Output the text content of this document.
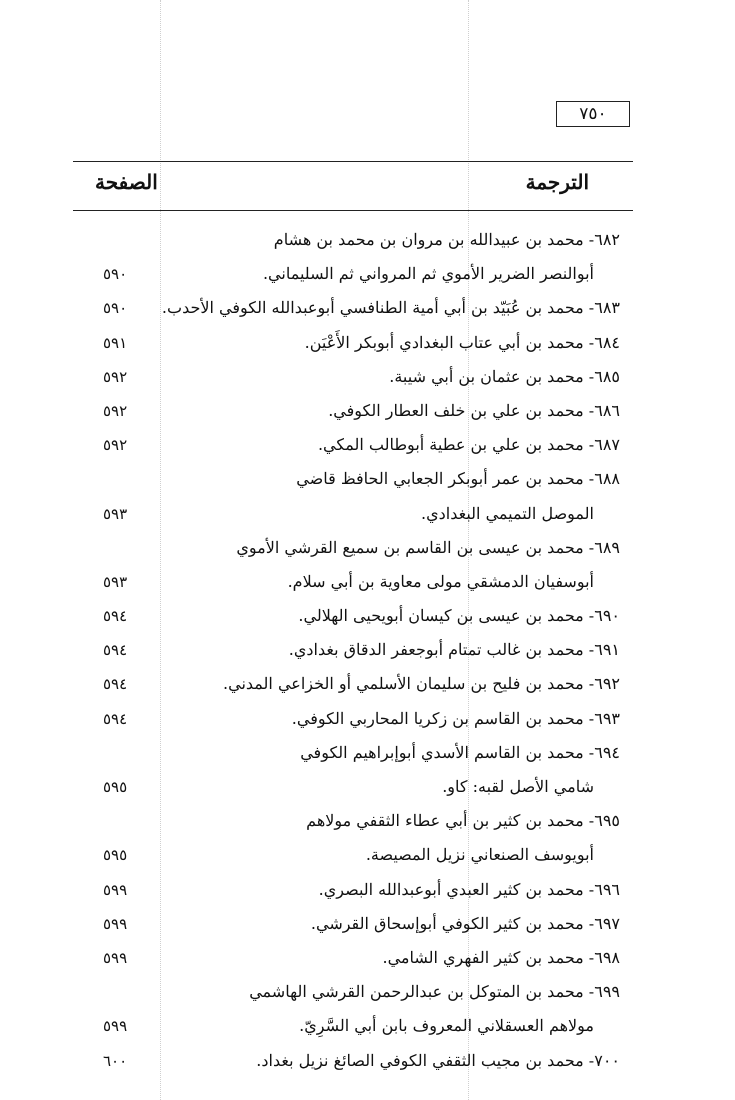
٧٥٠
الترجمة
الصفحة
٦٨٢- محمد بن عبيدالله بن مروان بن محمد بن هشام
أبوالنصر الضرير الأموي ثم المرواني ثم السليماني.
٥٩٠
٦٨٣- محمد بن عُبَيّد بن أبي أمية الطنافسي أبوعبدالله الكوفي الأحدب.
٥٩٠
٦٨٤- محمد بن أبي عتاب البغدادي أبوبكر الأَعْيَن.
٥٩١
٦٨٥- محمد بن عثمان بن أبي شيبة.
٥٩٢
٦٨٦- محمد بن علي بن خلف العطار الكوفي.
٥٩٢
٦٨٧- محمد بن علي بن عطية أبوطالب المكي.
٥٩٢
٦٨٨- محمد بن عمر أبوبكر الجعابي الحافظ قاضي
الموصل التميمي البغدادي.
٥٩٣
٦٨٩- محمد بن عيسى بن القاسم بن سميع القرشي الأموي
أبوسفيان الدمشقي مولى معاوية بن أبي سلام.
٥٩٣
٦٩٠- محمد بن عيسى بن كيسان أبويحيى الهلالي.
٥٩٤
٦٩١- محمد بن غالب تمتام أبوجعفر الدقاق بغدادي.
٥٩٤
٦٩٢- محمد بن فليح بن سليمان الأسلمي أو الخزاعي المدني.
٥٩٤
٦٩٣- محمد بن القاسم بن زكريا المحاربي الكوفي.
٥٩٤
٦٩٤- محمد بن القاسم الأسدي أبوإبراهيم الكوفي
شامي الأصل لقبه: كاو.
٥٩٥
٦٩٥- محمد بن كثير بن أبي عطاء الثقفي مولاهم
أبويوسف الصنعاني نزيل المصيصة.
٥٩٥
٦٩٦- محمد بن كثير العبدي أبوعبدالله البصري.
٥٩٩
٦٩٧- محمد بن كثير الكوفي أبوإسحاق القرشي.
٥٩٩
٦٩٨- محمد بن كثير الفهري الشامي.
٥٩٩
٦٩٩- محمد بن المتوكل بن عبدالرحمن القرشي الهاشمي
مولاهم العسقلاني المعروف بابن أبي السَّرِيّ.
٥٩٩
٧٠٠- محمد بن مجيب الثقفي الكوفي الصائغ نزيل بغداد.
٦٠٠
